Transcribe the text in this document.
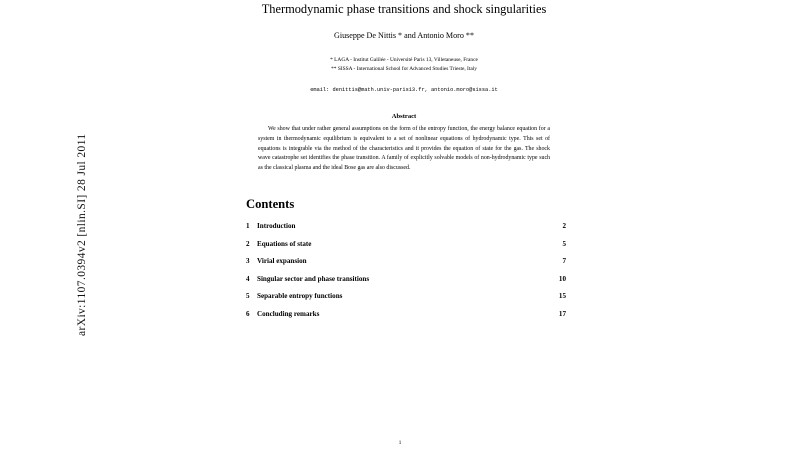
arXiv:1107.0394v2 [nlin.SI] 28 Jul 2011
Thermodynamic phase transitions and shock singularities
Giuseppe De Nittis * and Antonio Moro **
* LAGA - Institut Galilée - Université Paris 13, Villetaneuse, France
** SISSA - International School for Advanced Studies Trieste, Italy
email: denittis@math.univ-paris13.fr, antonio.moro@sissa.it
Abstract
We show that under rather general assumptions on the form of the entropy function, the energy balance equation for a system in thermodynamic equilibrium is equivalent to a set of nonlinear equations of hydrodynamic type. This set of equations is integrable via the method of the characteristics and it provides the equation of state for the gas. The shock wave catastrophe set identifies the phase transition. A family of explicitly solvable models of non-hydrodynamic type such as the classical plasma and the ideal Bose gas are also discussed.
Contents
1	Introduction	2
2	Equations of state	5
3	Virial expansion	7
4	Singular sector and phase transitions	10
5	Separable entropy functions	15
6	Concluding remarks	17
1
